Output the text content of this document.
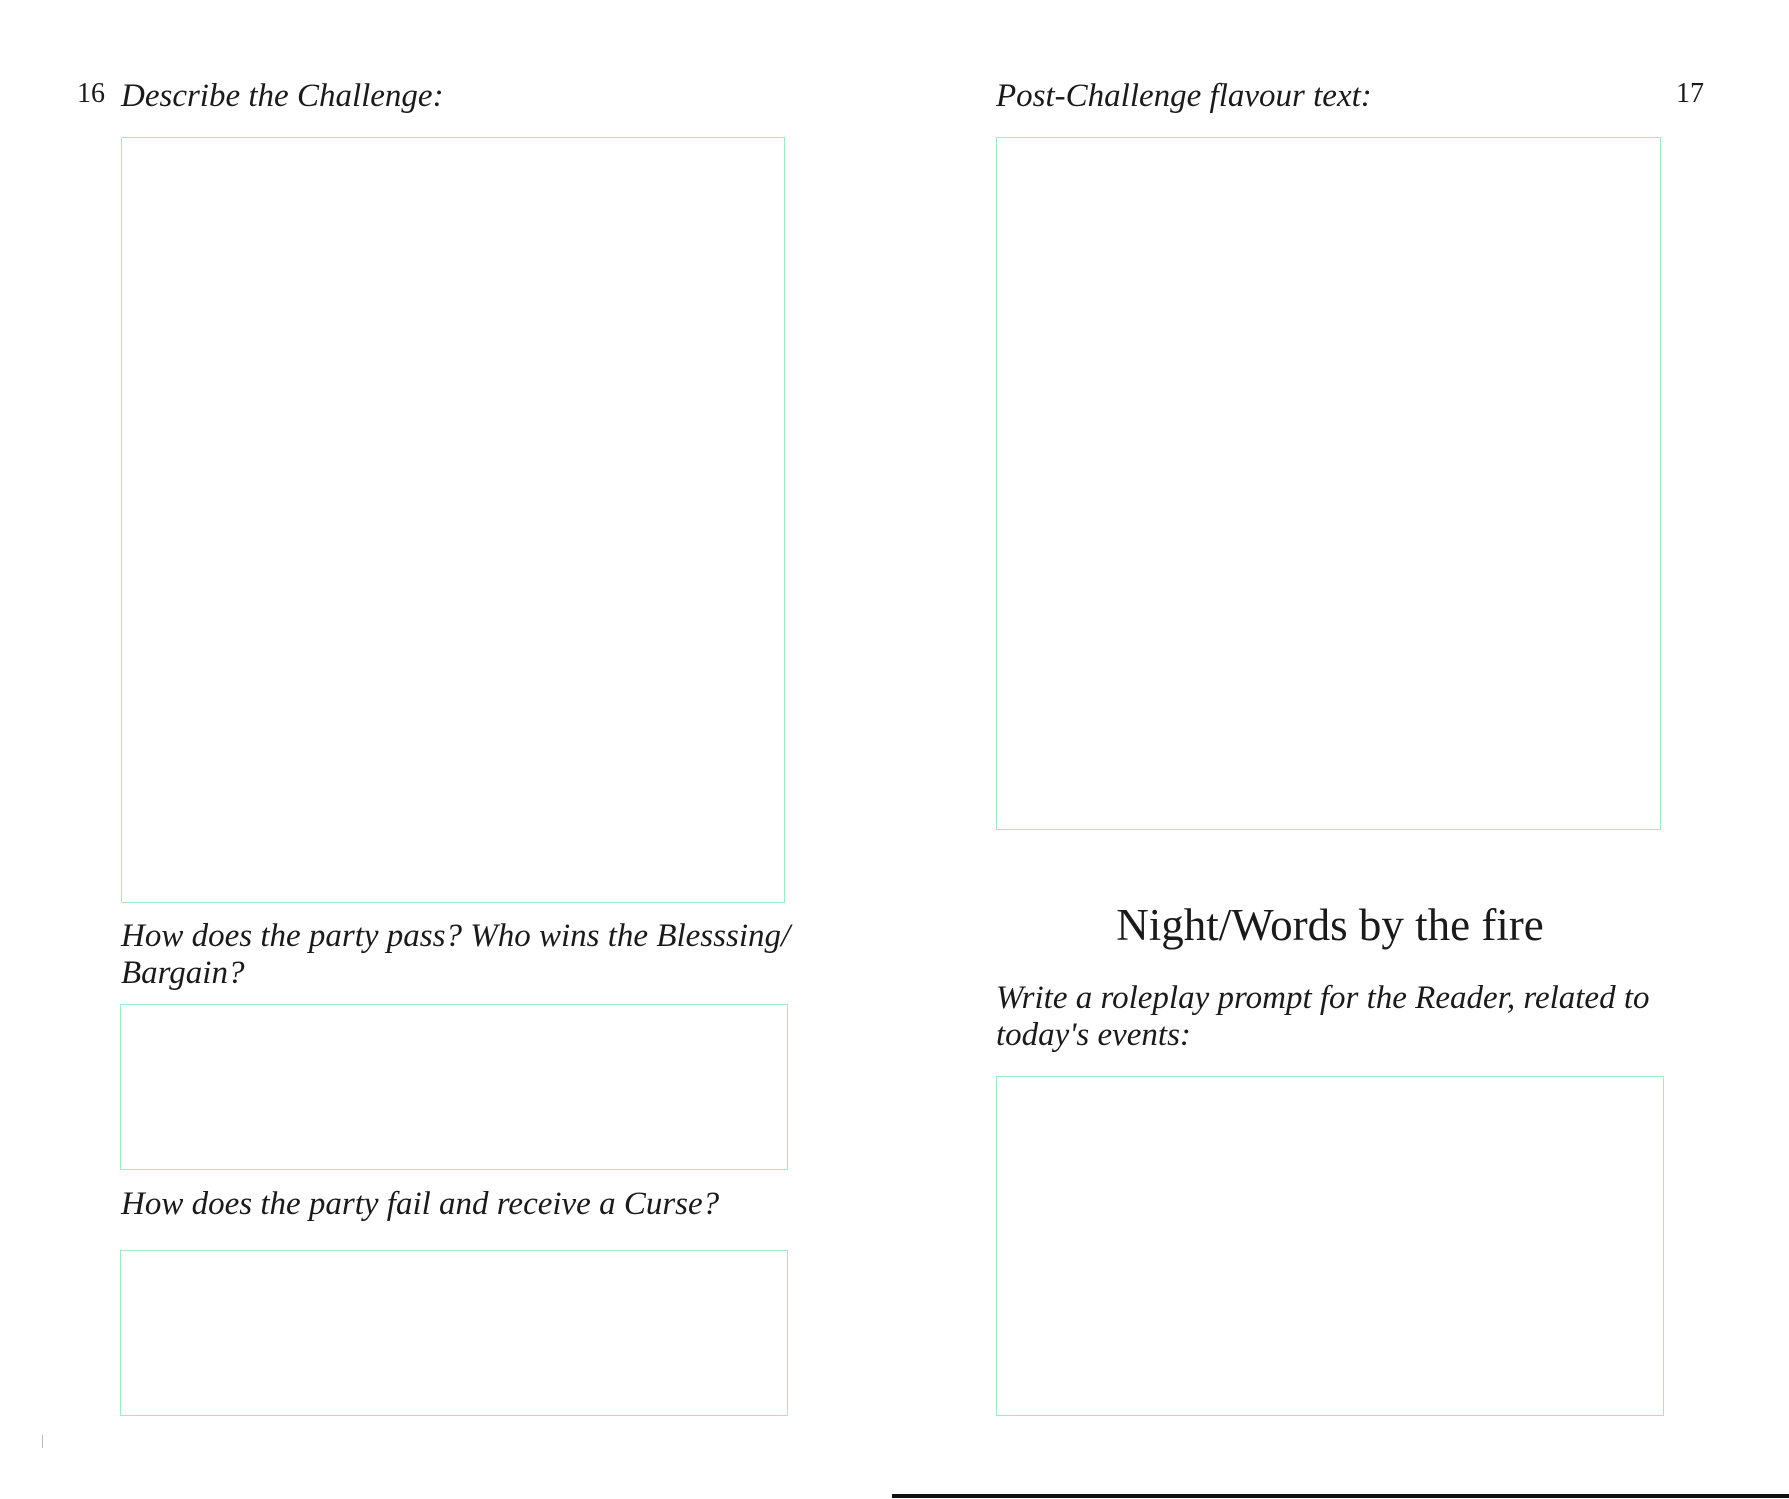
16 Describe the Challenge:

How does the party pass? Who wins the Blesssing/ Bargain?

How does the party fail and receive a Curse?

Post-Challenge flavour text:	17
Night/Words by the fire

Write a roleplay prompt for the Reader, related to today's events:
